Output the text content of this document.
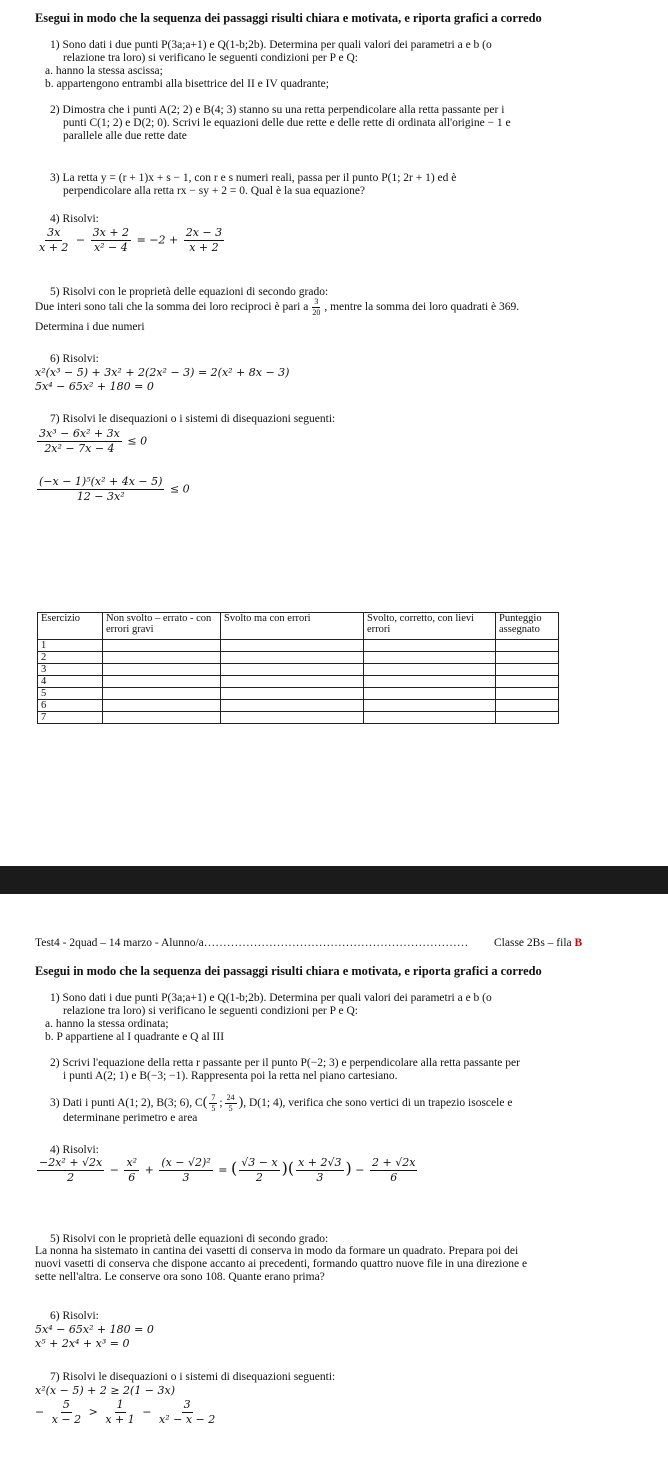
Esegui in modo che la sequenza dei passaggi risulti chiara e motivata, e riporta grafici a corredo
1) Sono dati i due punti P(3a;a+1) e Q(1-b;2b). Determina per quali valori dei parametri a e b (o
relazione tra loro) si verificano le seguenti condizioni per P e Q:
a. hanno la stessa ascissa;
b. appartengono entrambi alla bisettrice del II e IV quadrante;
2) Dimostra che i punti A(2; 2) e B(4; 3) stanno su una retta perpendicolare alla retta passante per i
punti C(1; 2) e D(2; 0). Scrivi le equazioni delle due rette e delle rette di ordinata all'origine − 1 e
parallele alle due rette date
3) La retta y = (r + 1)x + s − 1, con r e s numeri reali, passa per il punto P(1; 2r + 1) ed è
perpendicolare alla retta rx − sy + 2 = 0. Qual è la sua equazione?
4) Risolvi:
$\frac{3x}{x + 2} - \frac{3x + 2}{\text{x² − 4}} = -2 + \frac{2x - 3}{x + 2}$
5) Risolvi con le proprietà delle equazioni di secondo grado:
Due interi sono tali che la somma dei loro reciproci è pari a $\frac{3}{20}$ , mentre la somma dei loro quadrati è 369.
Determina i due numeri
6) Risolvi:
x²(x³ − 5) + 3x² + 2(2x² − 3) = 2(x² + 8x − 3)
5x⁴ − 65x² + 180 = 0
7) Risolvi le disequazioni o i sistemi di disequazioni seguenti:
$\frac{\text{3x³ − 6x² + 3x}}{\text{2x² − 7x − 4}} \le 0$
$\frac{\text{(−x − 1)⁵(x² + 4x − 5)}}{\text{12 − 3x²}} \le 0$
Esercizio	Non svolto – errato - con errori gravi	Svolto ma con errori	Svolto, corretto, con lievi errori	Punteggio assegnato
1				
2				
3				
4				
5				
6				
7				
Test4 - 2quad – 14 marzo - Alunno/a…………………………………………………………… Classe 2Bs – fila B
Esegui in modo che la sequenza dei passaggi risulti chiara e motivata, e riporta grafici a corredo
1) Sono dati i due punti P(3a;a+1) e Q(1-b;2b). Determina per quali valori dei parametri a e b (o
relazione tra loro) si verificano le seguenti condizioni per P e Q:
a. hanno la stessa ordinata;
b. P appartiene al I quadrante e Q al III
2) Scrivi l'equazione della retta r passante per il punto P(−2; 3) e perpendicolare alla retta passante per
i punti A(2; 1) e B(−3; −1). Rappresenta poi la retta nel piano cartesiano.
3) Dati i punti A(1; 2), B(3; 6), $C( \frac{7}{5}$ ; $\frac{24}{5}$ ), D(1; 4), verifica che sono vertici di un trapezio isoscele e
determinane perimetro e area
4) Risolvi:
$\frac{\text{−2x² + √2x}}{2} - \frac{\text{x²}}{6} + \frac{\text{(x − √2)²}}{3}$ = ( $\frac{√3 - x}{2}$ )( $\frac{x + 2√3}{3}$ ) − $\frac{2 + √2x}{6}$
5) Risolvi con le proprietà delle equazioni di secondo grado:
La nonna ha sistemato in cantina dei vasetti di conserva in modo da formare un quadrato. Prepara poi dei
nuovi vasetti di conserva che dispone accanto ai precedenti, formando quattro nuove file in una direzione e
sette nell'altra. Le conserve ora sono 108. Quante erano prima?
6) Risolvi:
5x⁴ − 65x² + 180 = 0
x⁵ + 2x⁴ + x³ = 0
7) Risolvi le disequazioni o i sistemi di disequazioni seguenti:
x²(x − 5) + 2 ≥ 2(1 − 3x)
− $\frac{5}{x - 2} > \frac{1}{x + 1} - \frac{3}{\text{x² − x − 2}}$
